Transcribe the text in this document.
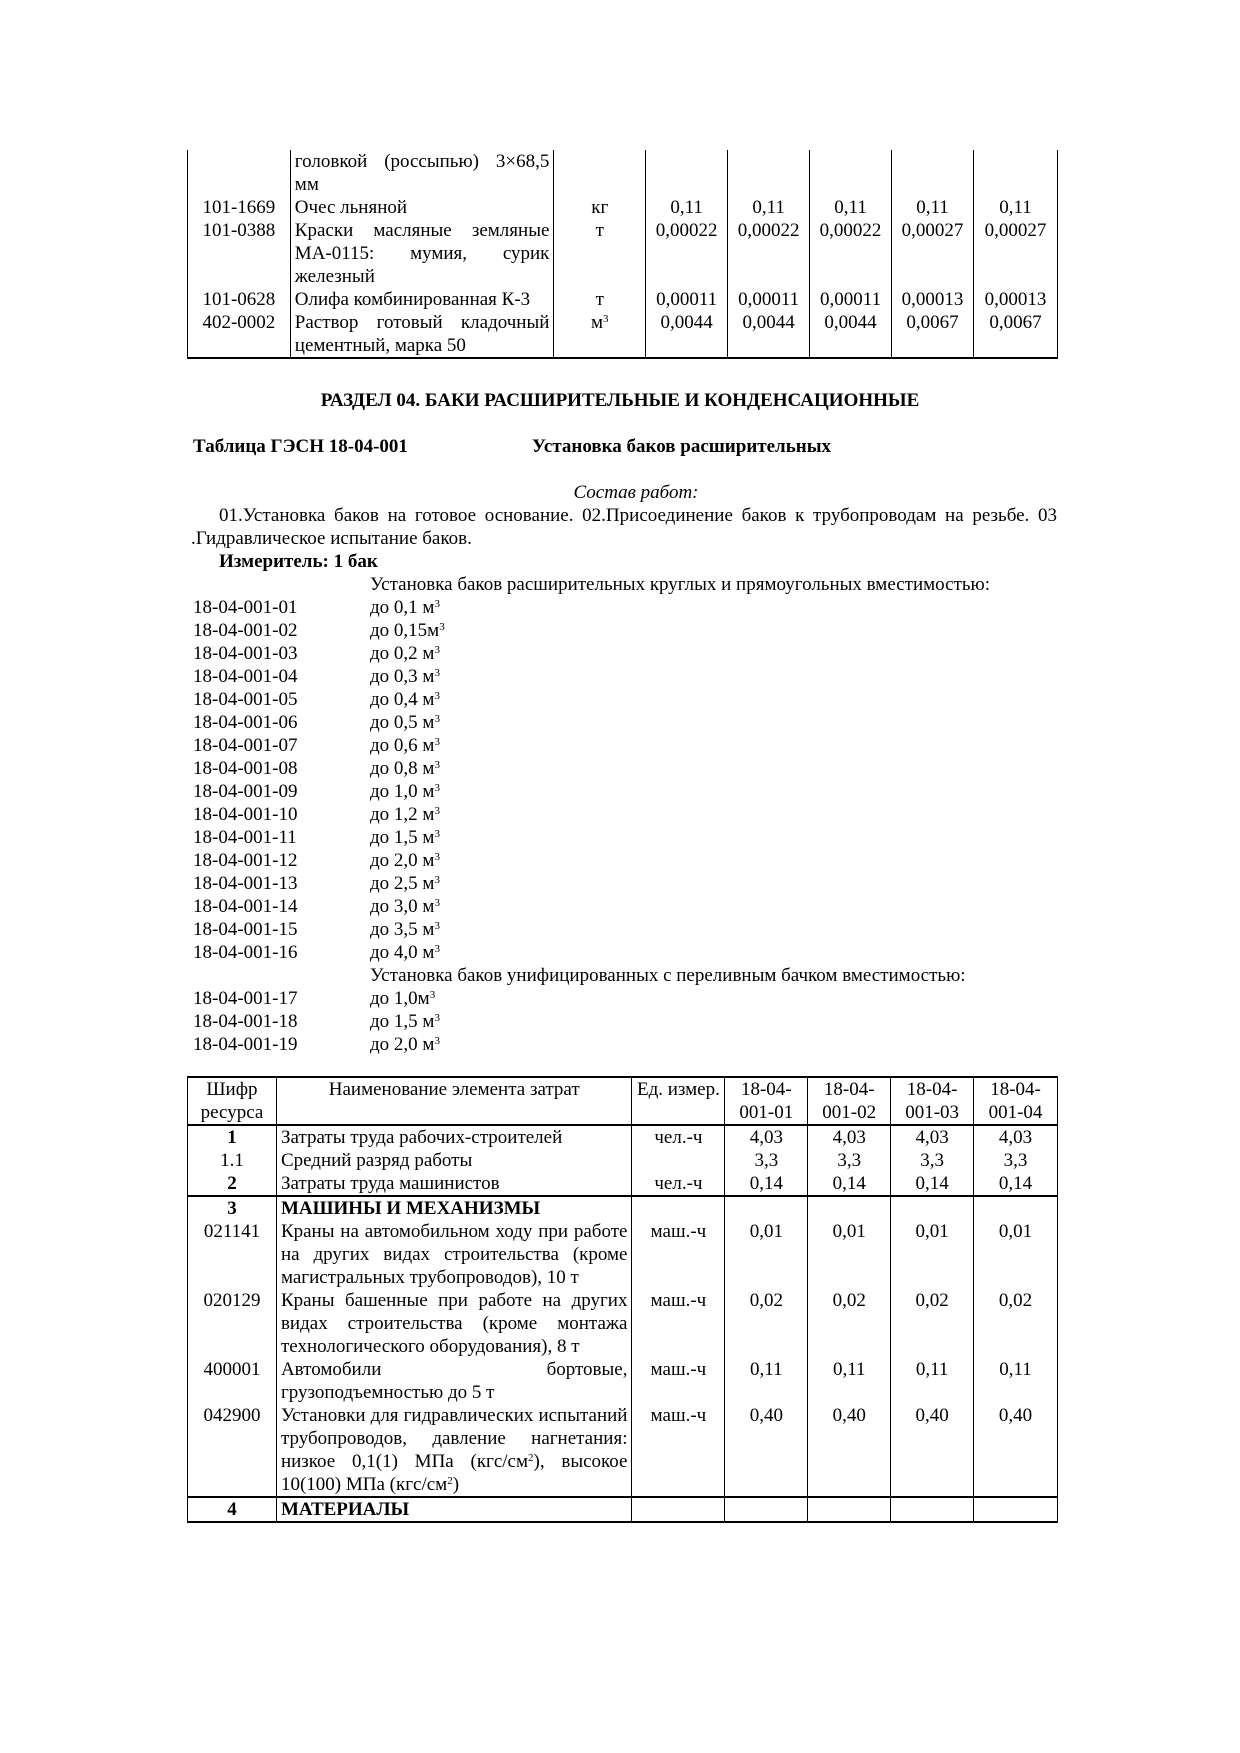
	головкой (россыпью) 3×68,5 мм						
101-1669	Очес льняной	кг	0,11	0,11	0,11	0,11	0,11
101-0388	Краски масляные земляные МА-0115: мумия, сурик железный	т	0,00022	0,00022	0,00022	0,00027	0,00027
101-0628	Олифа комбинированная К-3	т	0,00011	0,00011	0,00011	0,00013	0,00013
402-0002	Раствор готовый кладочный цементный, марка 50	$м^3$	0,0044	0,0044	0,0044	0,0067	0,0067
РАЗДЕЛ 04. БАКИ РАСШИРИТЕЛЬНЫЕ И КОНДЕНСАЦИОННЫЕ
Таблица ГЭСН 18-04-001	Установка баков расширительных
Состав работ:
01.Установка баков на готовое основание. 02.Присоединение баков к трубопроводам на резьбе. 03 .Гидравлическое испытание баков.
Измеритель: 1 бак
Установка баков расширительных круглых и прямоугольных вместимостью:
18-04-001-01	до 0,1 $м^3$
18-04-001-02	до $0,15м^3$
18-04-001-03	до 0,2 $м^3$
18-04-001-04	до 0,3 $м^3$
18-04-001-05	до 0,4 $м^3$
18-04-001-06	до 0,5 $м^3$
18-04-001-07	до 0,6 $м^3$
18-04-001-08	до 0,8 $м^3$
18-04-001-09	до 1,0 $м^3$
18-04-001-10	до 1,2 $м^3$
18-04-001-11	до 1,5 $м^3$
18-04-001-12	до 2,0 $м^3$
18-04-001-13	до 2,5 $м^3$
18-04-001-14	до 3,0 $м^3$
18-04-001-15	до 3,5 $м^3$
18-04-001-16	до 4,0 $м^3$
Установка баков унифицированных с переливным бачком вместимостью:
18-04-001-17	до $1,0м^3$
18-04-001-18	до 1,5 $м^3$
18-04-001-19	до 2,0 $м^3$
Шифр ресурса	Наименование элемента затрат	Ед. измер.	18-04-001-01	18-04-001-02	18-04-001-03	18-04-001-04
1	Затраты труда рабочих-строителей	чел.-ч	4,03	4,03	4,03	4,03
1.1	Средний разряд работы		3,3	3,3	3,3	3,3
2	Затраты труда машинистов	чел.-ч	0,14	0,14	0,14	0,14
3	МАШИНЫ И МЕХАНИЗМЫ					
021141	Краны на автомобильном ходу при работе на других видах строительства (кроме магистральных трубопроводов), 10 т	маш.-ч	0,01	0,01	0,01	0,01
020129	Краны башенные при работе на других видах строительства (кроме монтажа технологического оборудования), 8 т	маш.-ч	0,02	0,02	0,02	0,02
400001	Автомобили бортовые, грузоподъемностью до 5 т	маш.-ч	0,11	0,11	0,11	0,11
042900	Установки для гидравлических испытаний трубопроводов, давление нагнетания: низкое 0,1(1) МПа $(кгс/см^2)$, высокое 10(100) МПа $(кгс/см^2)$	маш.-ч	0,40	0,40	0,40	0,40
4	МАТЕРИАЛЫ					
